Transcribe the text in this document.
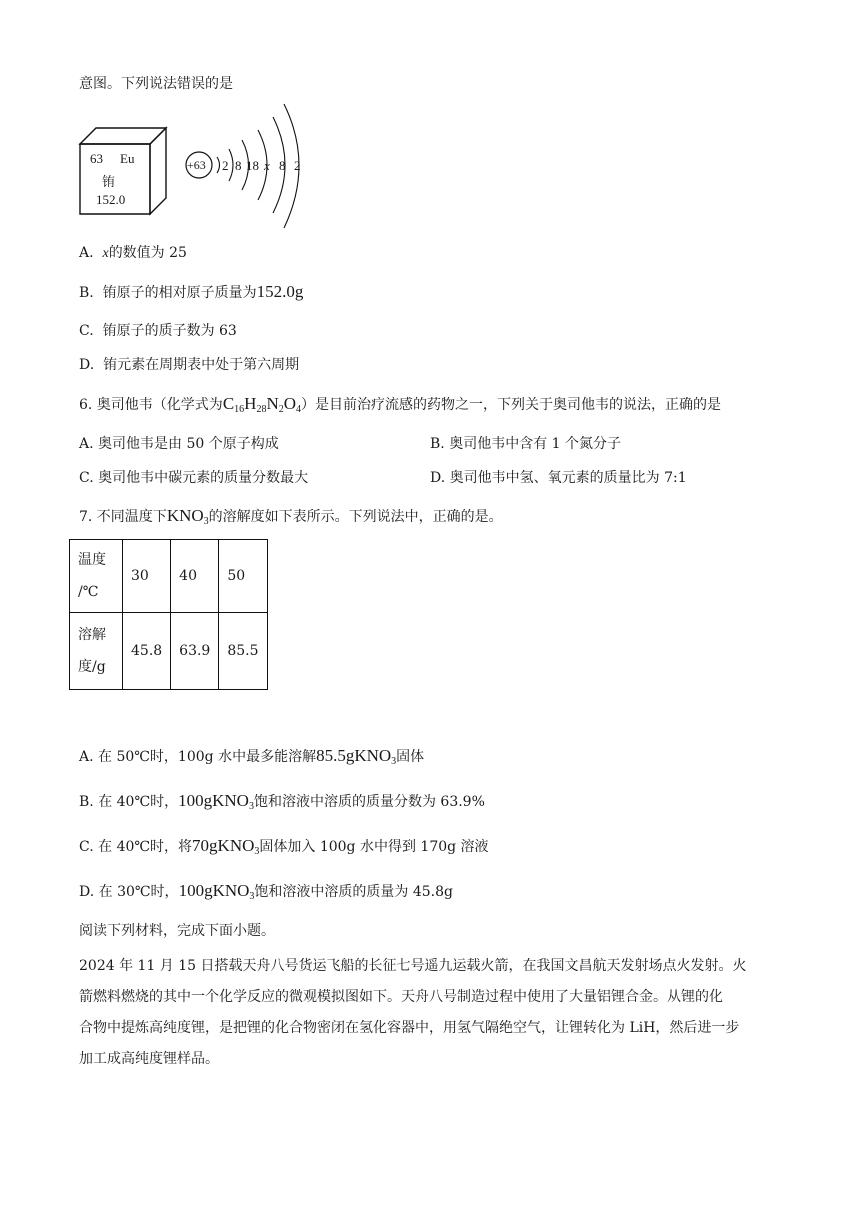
意图。下列说法错误的是
63 Eu
铕
152.0
+63 2 8 18 x 8 2
A. x的数值为 25
B. 铕原子的相对原子质量为152.0g
C. 铕原子的质子数为 63
D. 铕元素在周期表中处于第六周期
6. 奥司他韦（化学式为$C_{16}H_{28}N_2O_4$）是目前治疗流感的药物之一，下列关于奥司他韦的说法，正确的是
A. 奥司他韦是由 50 个原子构成	B. 奥司他韦中含有 1 个氮分子
C. 奥司他韦中碳元素的质量分数最大	D. 奥司他韦中氢、氧元素的质量比为 7:1
7. 不同温度下$KNO_3$的溶解度如下表所示。下列说法中，正确的是。
温度
/℃	30	40	50

溶解
度/g	45.8	63.9	85.5
A. 在 50℃时，100g 水中最多能溶解85.5gKNO$_3$固体
B. 在 40℃时，100gKNO$_3$饱和溶液中溶质的质量分数为 63.9%
C. 在 40℃时，将70gKNO$_3$固体加入 100g 水中得到 170g 溶液
D. 在 30℃时，100gKNO$_3$饱和溶液中溶质的质量为 45.8g
阅读下列材料，完成下面小题。
2024 年 11 月 15 日搭载天舟八号货运飞船的长征七号遥九运载火箭，在我国文昌航天发射场点火发射。火
箭燃料燃烧的其中一个化学反应的微观模拟图如下。天舟八号制造过程中使用了大量铝锂合金。从锂的化
合物中提炼高纯度锂，是把锂的化合物密闭在氢化容器中，用氢气隔绝空气，让锂转化为 LiH，然后进一步
加工成高纯度锂样品。
